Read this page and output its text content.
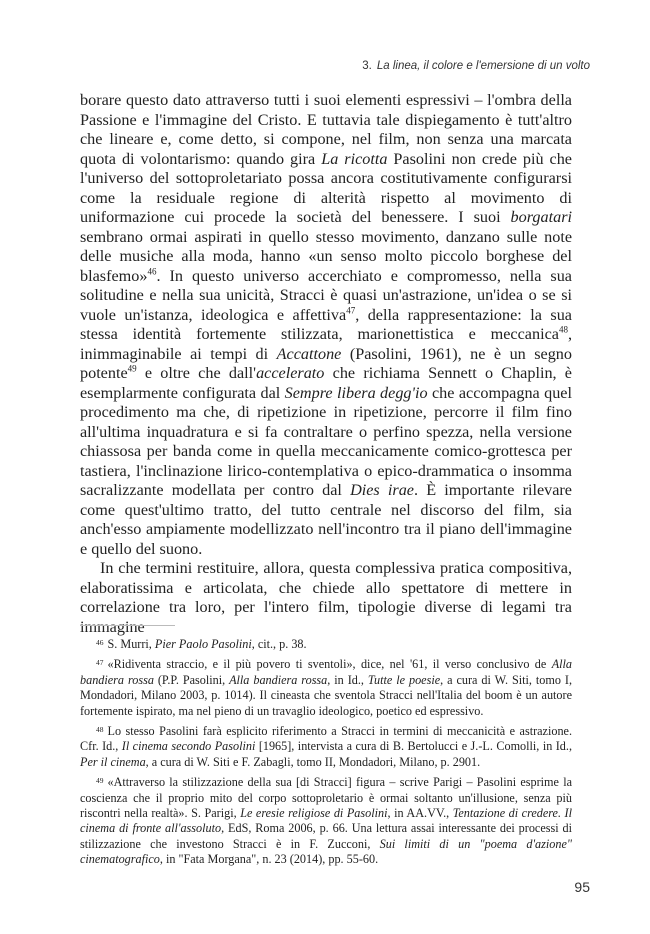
3. La linea, il colore e l'emersione di un volto

borare questo dato attraverso tutti i suoi elementi espressivi – l'ombra della Passione e l'immagine del Cristo. E tuttavia tale dispiegamento è tutt'altro che lineare e, come detto, si compone, nel film, non senza una marcata quota di volontarismo: quando gira La ricotta Pasolini non crede più che l'universo del sottoproletariato possa ancora costitutivamente configurarsi come la residuale regione di alterità rispetto al movimento di uniformazione cui procede la società del benessere. I suoi borgatari sembrano ormai aspirati in quello stesso movimento, danzano sulle note delle musiche alla moda, hanno «un senso molto piccolo borghese del blasfemo»$^{46}$. In questo universo accerchiato e compromesso, nella sua solitudine e nella sua unicità, Stracci è quasi un'astrazione, un'idea o se si vuole un'istanza, ideologica e affettiva$^{47}$, della rappresentazione: la sua stessa identità fortemente stilizzata, marionettistica e meccanica$^{48}$, inimmaginabile ai tempi di Accattone (Pasolini, 1961), ne è un segno potente$^{49}$ e oltre che dall'accelerato che richiama Sennett o Chaplin, è esemplarmente configurata dal Sempre libera degg'io che accompagna quel procedimento ma che, di ripetizione in ripetizione, percorre il film fino all'ultima inquadratura e si fa contraltare o perfino spezza, nella versione chiassosa per banda come in quella meccanicamente comico-grottesca per tastiera, l'inclinazione lirico-contemplativa o epico-drammatica o insomma sacralizzante modellata per contro dal Dies irae. È importante rilevare come quest'ultimo tratto, del tutto centrale nel discorso del film, sia anch'esso ampiamente modellizzato nell'incontro tra il piano dell'immagine e quello del suono.

In che termini restituire, allora, questa complessiva pratica compositiva, elaboratissima e articolata, che chiede allo spettatore di mettere in correlazione tra loro, per l'intero film, tipologie diverse di legami tra immagine

$^{46}$ S. Murri, Pier Paolo Pasolini, cit., p. 38.

$^{47}$ «Ridiventa straccio, e il più povero ti sventoli», dice, nel '61, il verso conclusivo de Alla bandiera rossa (P.P. Pasolini, Alla bandiera rossa, in Id., Tutte le poesie, a cura di W. Siti, tomo I, Mondadori, Milano 2003, p. 1014). Il cineasta che sventola Stracci nell'Italia del boom è un autore fortemente ispirato, ma nel pieno di un travaglio ideologico, poetico ed espressivo.

$^{48}$ Lo stesso Pasolini farà esplicito riferimento a Stracci in termini di meccanicità e astrazione. Cfr. Id., Il cinema secondo Pasolini [1965], intervista a cura di B. Bertolucci e J.-L. Comolli, in Id., Per il cinema, a cura di W. Siti e F. Zabagli, tomo II, Mondadori, Milano, p. 2901.

$^{49}$ «Attraverso la stilizzazione della sua [di Stracci] figura – scrive Parigi – Pasolini esprime la coscienza che il proprio mito del corpo sottoproletario è ormai soltanto un'illusione, senza più riscontri nella realtà». S. Parigi, Le eresie religiose di Pasolini, in AA.VV., Tentazione di credere. Il cinema di fronte all'assoluto, EdS, Roma 2006, p. 66. Una lettura assai interessante dei processi di stilizzazione che investono Stracci è in F. Zucconi, Sui limiti di un "poema d'azione" cinematografico, in "Fata Morgana", n. 23 (2014), pp. 55-60.

95
